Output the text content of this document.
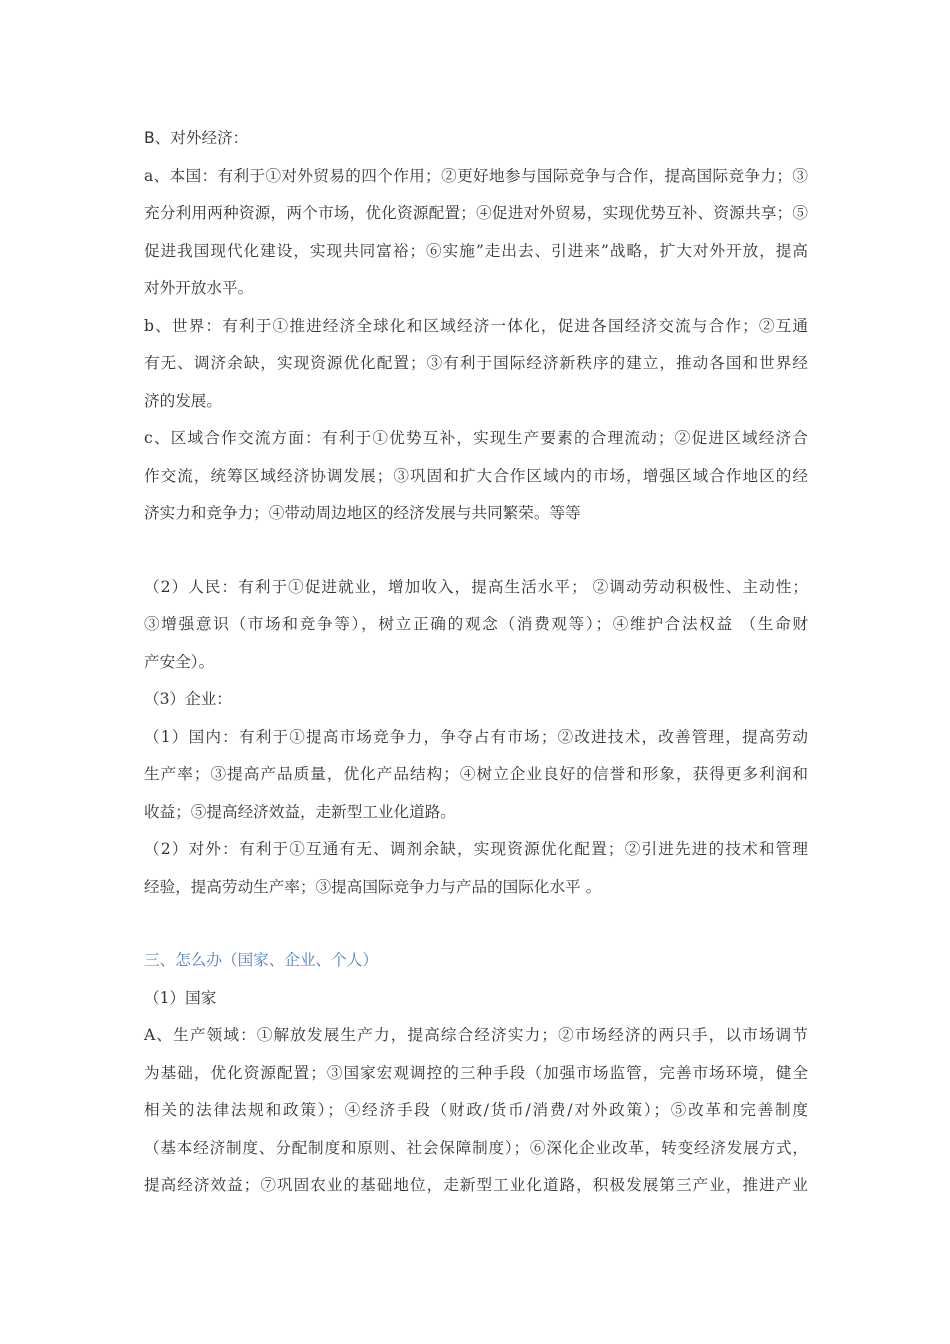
B、对外经济：

a、本国：有利于①对外贸易的四个作用；②更好地参与国际竞争与合作，提高国际竞争力；③
充分利用两种资源，两个市场，优化资源配置；④促进对外贸易，实现优势互补、资源共享；⑤
促进我国现代化建设，实现共同富裕；⑥实施”走出去、引进来”战略，扩大对外开放，提高
对外开放水平。

b、世界：有利于①推进经济全球化和区域经济一体化，促进各国经济交流与合作；②互通
有无、调济余缺，实现资源优化配置；③有利于国际经济新秩序的建立，推动各国和世界经
济的发展。

c、区域合作交流方面：有利于①优势互补，实现生产要素的合理流动；②促进区域经济合
作交流，统筹区域经济协调发展；③巩固和扩大合作区域内的市场，增强区域合作地区的经
济实力和竞争力；④带动周边地区的经济发展与共同繁荣。等等

（2）人民：有利于①促进就业，增加收入，提高生活水平； ②调动劳动积极性、主动性；
③增强意识（市场和竞争等），树立正确的观念（消费观等）；④维护合法权益 （生命财
产安全）。

（3）企业：

（1）国内：有利于①提高市场竞争力，争夺占有市场；②改进技术，改善管理，提高劳动
生产率；③提高产品质量，优化产品结构；④树立企业良好的信誉和形象，获得更多利润和
收益；⑤提高经济效益，走新型工业化道路。

（2）对外：有利于①互通有无、调剂余缺，实现资源优化配置；②引进先进的技术和管理
经验，提高劳动生产率；③提高国际竞争力与产品的国际化水平 。

三、怎么办（国家、企业、个人）

（1）国家

A、生产领域：①解放发展生产力，提高综合经济实力；②市场经济的两只手，以市场调节
为基础，优化资源配置；③国家宏观调控的三种手段（加强市场监管，完善市场环境，健全
相关的法律法规和政策）；④经济手段（财政/货币/消费/对外政策）；⑤改革和完善制度
（基本经济制度、分配制度和原则、社会保障制度）；⑥深化企业改革，转变经济发展方式，
提高经济效益；⑦巩固农业的基础地位，走新型工业化道路，积极发展第三产业，推进产业
